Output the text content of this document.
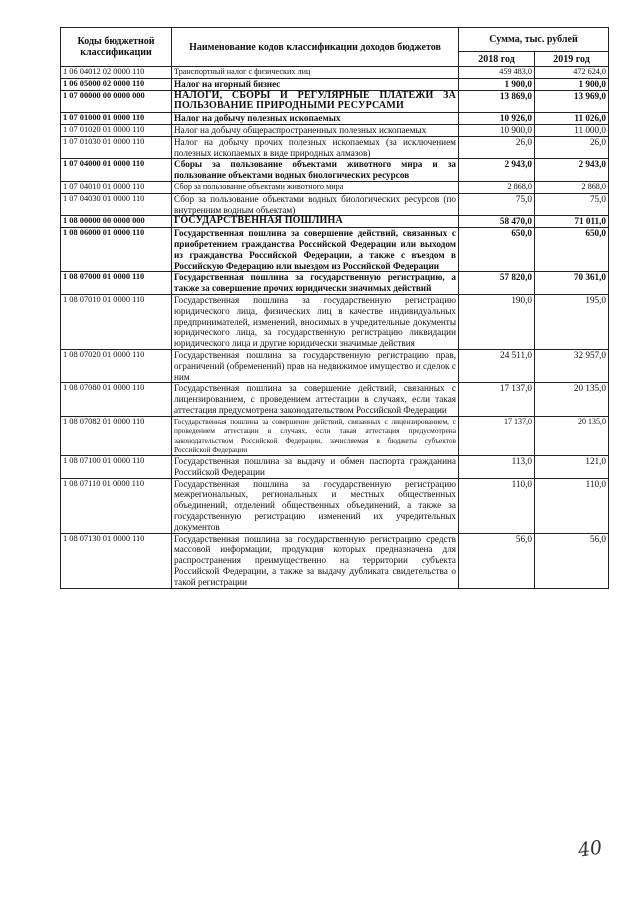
Коды бюджетной классификации	Наименование кодов классификации доходов бюджетов	Сумма, тыс. рублей	
		2018 год	2019 год
1 06 04012 02 0000 110	Транспортный налог с физических лиц	459 483,0	472 624,0
1 06 05000 02 0000 110	Налог на игорный бизнес	1 900,0	1 900,0
1 07 00000 00 0000 000	НАЛОГИ, СБОРЫ И РЕГУЛЯРНЫЕ ПЛАТЕЖИ ЗА ПОЛЬЗОВАНИЕ ПРИРОДНЫМИ РЕСУРСАМИ	13 869,0	13 969,0
1 07 01000 01 0000 110	Налог на добычу полезных ископаемых	10 926,0	11 026,0
1 07 01020 01 0000 110	Налог на добычу общераспространенных полезных ископаемых	10 900,0	11 000,0
1 07 01030 01 0000 110	Налог на добычу прочих полезных ископаемых (за исключением полезных ископаемых в виде природных алмазов)	26,0	26,0
1 07 04000 01 0000 110	Сборы за пользование объектами животного мира и за пользование объектами водных биологических ресурсов	2 943,0	2 943,0
1 07 04010 01 0000 110	Сбор за пользование объектами животного мира	2 868,0	2 868,0
1 07 04030 01 0000 110	Сбор за пользование объектами водных биологических ресурсов (по внутренним водным объектам)	75,0	75,0
1 08 00000 00 0000 000	ГОСУДАРСТВЕННАЯ ПОШЛИНА	58 470,0	71 011,0
1 08 06000 01 0000 110	Государственная пошлина за совершение действий, связанных с приобретением гражданства Российской Федерации или выходом из гражданства Российской Федерации, а также с въездом в Российскую Федерацию или выездом из Российской Федерации	650,0	650,0
1 08 07000 01 0000 110	Государственная пошлина за государственную регистрацию, а также за совершение прочих юридически значимых действий	57 820,0	70 361,0
1 08 07010 01 0000 110	Государственная пошлина за государственную регистрацию юридического лица, физических лиц в качестве индивидуальных предпринимателей, изменений, вносимых в учредительные документы юридического лица, за государственную регистрацию ликвидации юридического лица и другие юридически значимые действия	190,0	195,0
1 08 07020 01 0000 110	Государственная пошлина за государственную регистрацию прав, ограничений (обременений) прав на недвижимое имущество и сделок с ним	24 511,0	32 957,0
1 08 07080 01 0000 110	Государственная пошлина за совершение действий, связанных с лицензированием, с проведением аттестации в случаях, если такая аттестация предусмотрена законодательством Российской Федерации	17 137,0	20 135,0
1 08 07082 01 0000 110	Государственная пошлина за совершение действий, связанных с лицензированием, с проведением аттестации в случаях, если такая аттестация предусмотрена законодательством Российской Федерации, зачисляемая в бюджеты субъектов Российской Федерации	17 137,0	20 135,0
1 08 07100 01 0000 110	Государственная пошлина за выдачу и обмен паспорта гражданина Российской Федерации	113,0	121,0
1 08 07110 01 0000 110	Государственная пошлина за государственную регистрацию межрегиональных, региональных и местных общественных объединений, отделений общественных объединений, а также за государственную регистрацию изменений их учредительных документов	110,0	110,0
1 08 07130 01 0000 110	Государственная пошлина за государственную регистрацию средств массовой информации, продукция которых предназначена для распространения преимущественно на территории субъекта Российской Федерации, а также за выдачу дубликата свидетельства о такой регистрации	56,0	56,0
40
